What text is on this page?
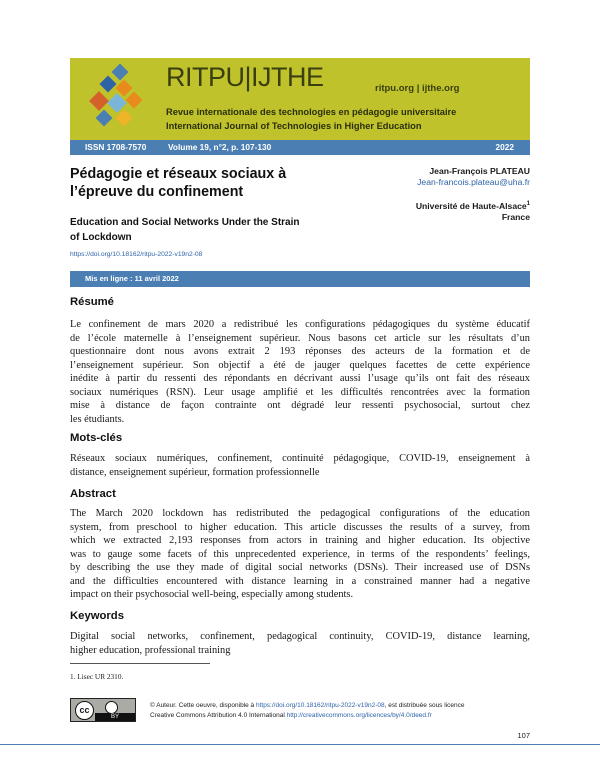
RITPU|IJTHE	ritpu.org | ijthe.org
Revue internationale des technologies en pédagogie universitaire
International Journal of Technologies in Higher Education
ISSN 1708-7570	Volume 19, n°2, p. 107-130	2022
Pédagogie et réseaux sociaux à l’épreuve du confinement
Education and Social Networks Under the Strain of Lockdown
https://doi.org/10.18162/ritpu-2022-v19n2-08
Jean-François PLATEAU
Jean-francois.plateau@uha.fr
Université de Haute-Alsace$^1$
France
Mis en ligne : 11 avril 2022
Résumé
Le confinement de mars 2020 a redistribué les configurations pédagogiques du système éducatif
de l’école maternelle à l’enseignement supérieur. Nous basons cet article sur les résultats d’un
questionnaire dont nous avons extrait 2 193 réponses des acteurs de la formation et de
l’enseignement supérieur. Son objectif a été de jauger quelques facettes de cette expérience
inédite à partir du ressenti des répondants en décrivant aussi l’usage qu’ils ont fait des réseaux
sociaux numériques (RSN). Leur usage amplifié et les difficultés rencontrées avec la formation
mise à distance de façon contrainte ont dégradé leur ressenti psychosocial, surtout chez
les étudiants.
Mots-clés
Réseaux sociaux numériques, confinement, continuité pédagogique, COVID-19, enseignement à
distance, enseignement supérieur, formation professionnelle
Abstract
The March 2020 lockdown has redistributed the pedagogical configurations of the education
system, from preschool to higher education. This article discusses the results of a survey, from
which we extracted 2,193 responses from actors in training and higher education. Its objective
was to gauge some facets of this unprecedented experience, in terms of the respondents’ feelings,
by describing the use they made of digital social networks (DSNs). Their increased use of DSNs
and the difficulties encountered with distance learning in a constrained manner had a negative
impact on their psychosocial well-being, especially among students.
Keywords
Digital social networks, confinement, pedagogical continuity, COVID-19, distance learning,
higher education, professional training
1. Lisec UR 2310.
cc
BY
© Auteur. Cette oeuvre, disponible à https://doi.org/10.18162/ritpu-2022-v19n2-08, est distribuée sous licence
Creative Commons Attribution 4.0 International http://creativecommons.org/licences/by/4.0/deed.fr
107
